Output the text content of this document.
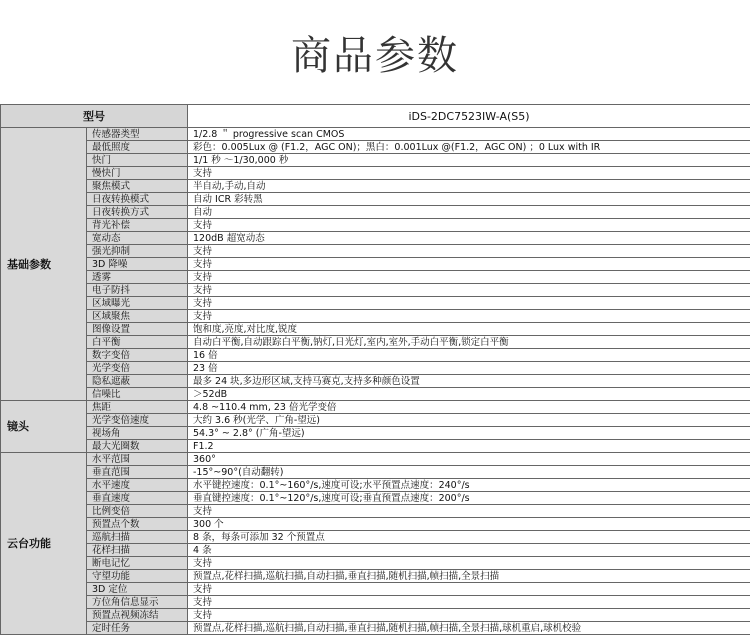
商品参数
型号		iDS-2DC7523IW-A(S5)
基础参数	传感器类型	1/2.8 ＂ progressive scan CMOS
	最低照度	彩色：0.005Lux @ (F1.2，AGC ON)；黑白：0.001Lux @(F1.2，AGC ON) ；0 Lux with IR
	快门	1/1 秒 ～1/30,000 秒
	慢快门	支持
	聚焦模式	半自动,手动,自动
	日夜转换模式	自动 ICR 彩转黑
	日夜转换方式	自动
	背光补偿	支持
	宽动态	120dB 超宽动态
	强光抑制	支持
	3D 降噪	支持
	透雾	支持
	电子防抖	支持
	区域曝光	支持
	区域聚焦	支持
	图像设置	饱和度,亮度,对比度,锐度
	白平衡	自动白平衡,自动跟踪白平衡,钠灯,日光灯,室内,室外,手动白平衡,锁定白平衡
	数字变倍	16 倍
	光学变倍	23 倍
	隐私遮蔽	最多 24 块,多边形区域,支持马赛克,支持多种颜色设置
	信噪比	＞52dB
镜头	焦距	4.8 ~110.4 mm, 23 倍光学变倍
	光学变倍速度	大约 3.6 秒(光学、广角-望远)
	视场角	54.3° ~ 2.8° (广角-望远)
	最大光圈数	F1.2
云台功能	水平范围	360°
	垂直范围	-15°~90°(自动翻转)
	水平速度	水平键控速度：0.1°~160°/s,速度可设;水平预置点速度：240°/s
	垂直速度	垂直键控速度：0.1°~120°/s,速度可设;垂直预置点速度：200°/s
	比例变倍	支持
	预置点个数	300 个
	巡航扫描	8 条，每条可添加 32 个预置点
	花样扫描	4 条
	断电记忆	支持
	守望功能	预置点,花样扫描,巡航扫描,自动扫描,垂直扫描,随机扫描,帧扫描,全景扫描
	3D 定位	支持
	方位角信息显示	支持
	预置点视频冻结	支持
	定时任务	预置点,花样扫描,巡航扫描,自动扫描,垂直扫描,随机扫描,帧扫描,全景扫描,球机重启,球机校验
